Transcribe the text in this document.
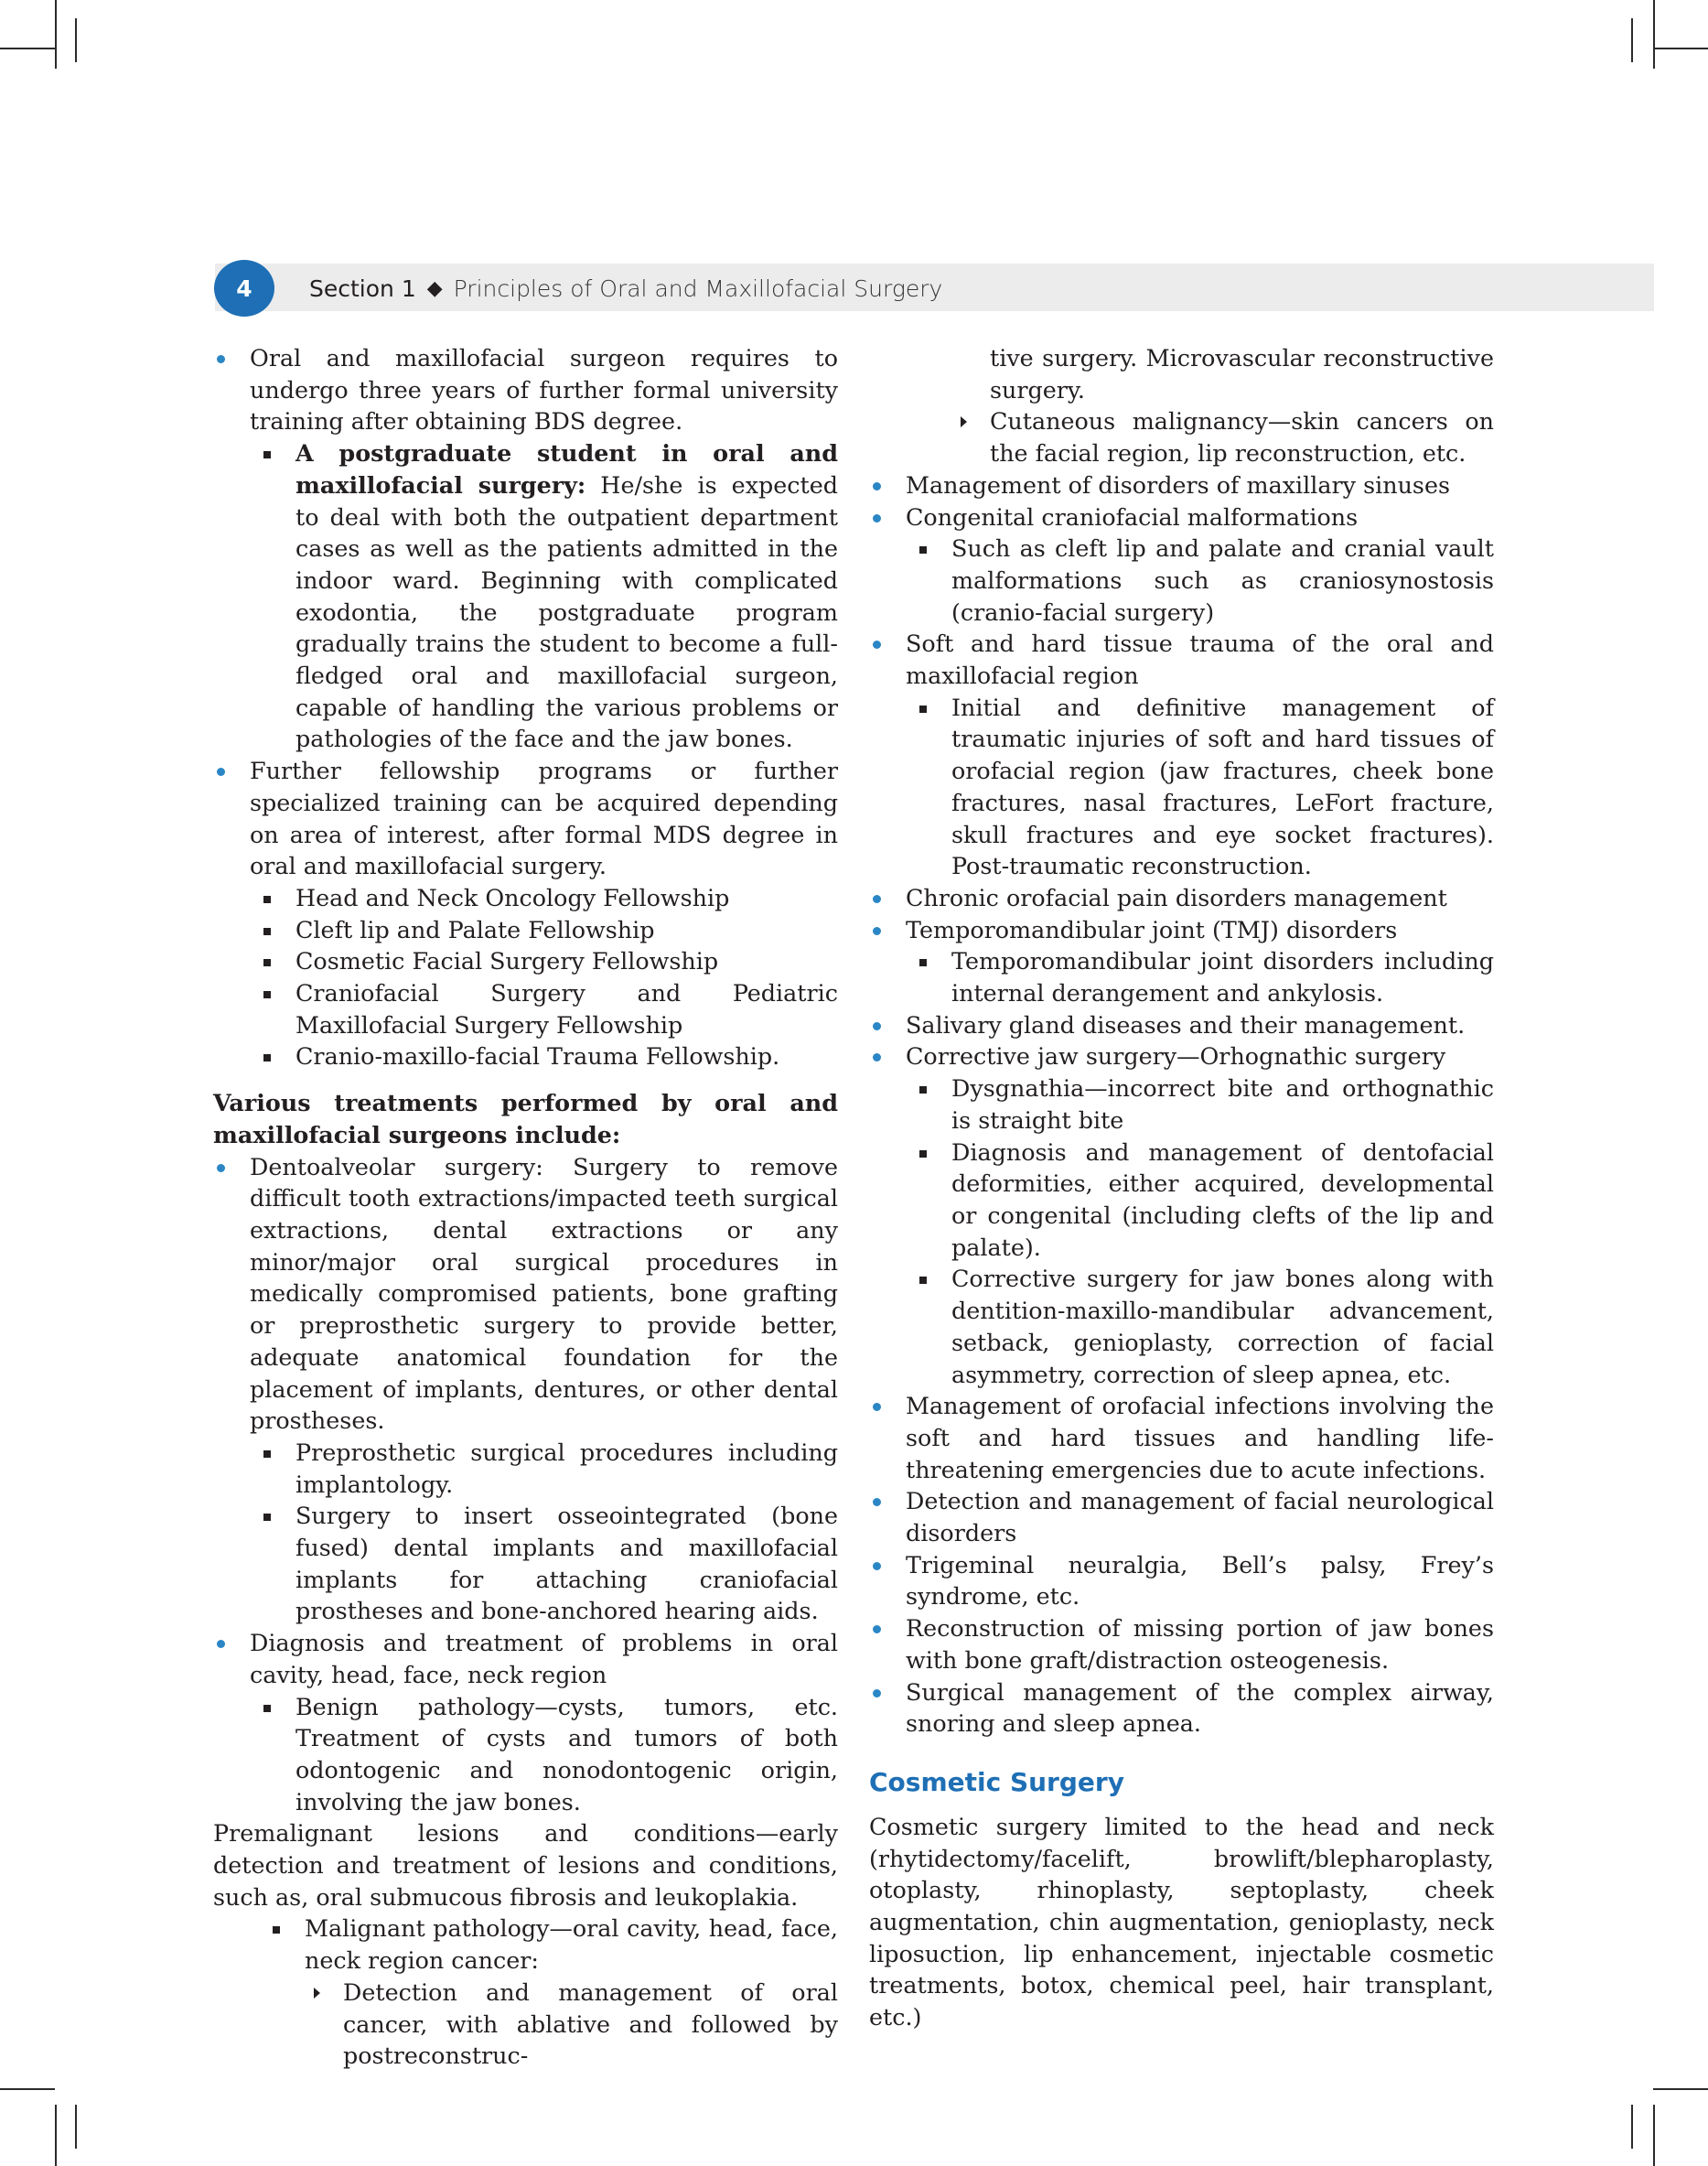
4	Section 1 ◆ Principles of Oral and Maxillofacial Surgery
Oral and maxillofacial surgeon requires to undergo three years of further formal university training after obtaining BDS degree.
A postgraduate student in oral and maxillofacial surgery: He/she is expected to deal with both the outpatient department cases as well as the patients admitted in the indoor ward. Beginning with complicated exodontia, the postgraduate program gradually trains the student to become a full-fledged oral and maxillofacial surgeon, capable of handling the various problems or pathologies of the face and the jaw bones.
Further fellowship programs or further specialized training can be acquired depending on area of interest, after formal MDS degree in oral and maxillofacial surgery.
Head and Neck Oncology Fellowship
Cleft lip and Palate Fellowship
Cosmetic Facial Surgery Fellowship
Craniofacial Surgery and Pediatric Maxillofacial Surgery Fellowship
Cranio-maxillo-facial Trauma Fellowship.

Various treatments performed by oral and maxillofacial surgeons include:

Dentoalveolar surgery: Surgery to remove difficult tooth extractions/impacted teeth surgical extractions, dental extractions or any minor/major oral surgical procedures in medically compromised patients, bone grafting or preprosthetic surgery to provide better, adequate anatomical foundation for the placement of implants, dentures, or other dental prostheses.
Preprosthetic surgical procedures including implantology.
Surgery to insert osseointegrated (bone fused) dental implants and maxillofacial implants for attaching craniofacial prostheses and bone-anchored hearing aids.
Diagnosis and treatment of problems in oral cavity, head, face, neck region
Benign pathology—cysts, tumors, etc. Treatment of cysts and tumors of both odontogenic and nonodontogenic origin, involving the jaw bones.

Premalignant lesions and conditions—early detection and treatment of lesions and conditions, such as, oral submucous fibrosis and leukoplakia.

Malignant pathology—oral cavity, head, face, neck region cancer:
Detection and management of oral cancer, with ablative and followed by postreconstruc-

tive surgery. Microvascular reconstructive surgery.

Cutaneous malignancy—skin cancers on the facial region, lip reconstruction, etc.
Management of disorders of maxillary sinuses
Congenital craniofacial malformations
Such as cleft lip and palate and cranial vault malformations such as craniosynostosis (cranio-facial surgery)
Soft and hard tissue trauma of the oral and maxillofacial region
Initial and definitive management of traumatic injuries of soft and hard tissues of orofacial region (jaw fractures, cheek bone fractures, nasal fractures, LeFort fracture, skull fractures and eye socket fractures). Post-traumatic reconstruction.
Chronic orofacial pain disorders management
Temporomandibular joint (TMJ) disorders
Temporomandibular joint disorders including internal derangement and ankylosis.
Salivary gland diseases and their management.
Corrective jaw surgery—Orhognathic surgery
Dysgnathia—incorrect bite and orthognathic is straight bite
Diagnosis and management of dentofacial deformities, either acquired, developmental or congenital (including clefts of the lip and palate).
Corrective surgery for jaw bones along with dentition-maxillo-mandibular advancement, setback, genioplasty, correction of facial asymmetry, correction of sleep apnea, etc.
Management of orofacial infections involving the soft and hard tissues and handling life-threatening emergencies due to acute infections.
Detection and management of facial neurological disorders
Trigeminal neuralgia, Bell’s palsy, Frey’s syndrome, etc.
Reconstruction of missing portion of jaw bones with bone graft/distraction osteogenesis.
Surgical management of the complex airway, snoring and sleep apnea.
Cosmetic Surgery

Cosmetic surgery limited to the head and neck (rhytidectomy/facelift, browlift/blepharoplasty, otoplasty, rhinoplasty, septoplasty, cheek augmentation, chin augmentation, genioplasty, neck liposuction, lip enhancement, injectable cosmetic treatments, botox, chemical peel, hair transplant, etc.)
